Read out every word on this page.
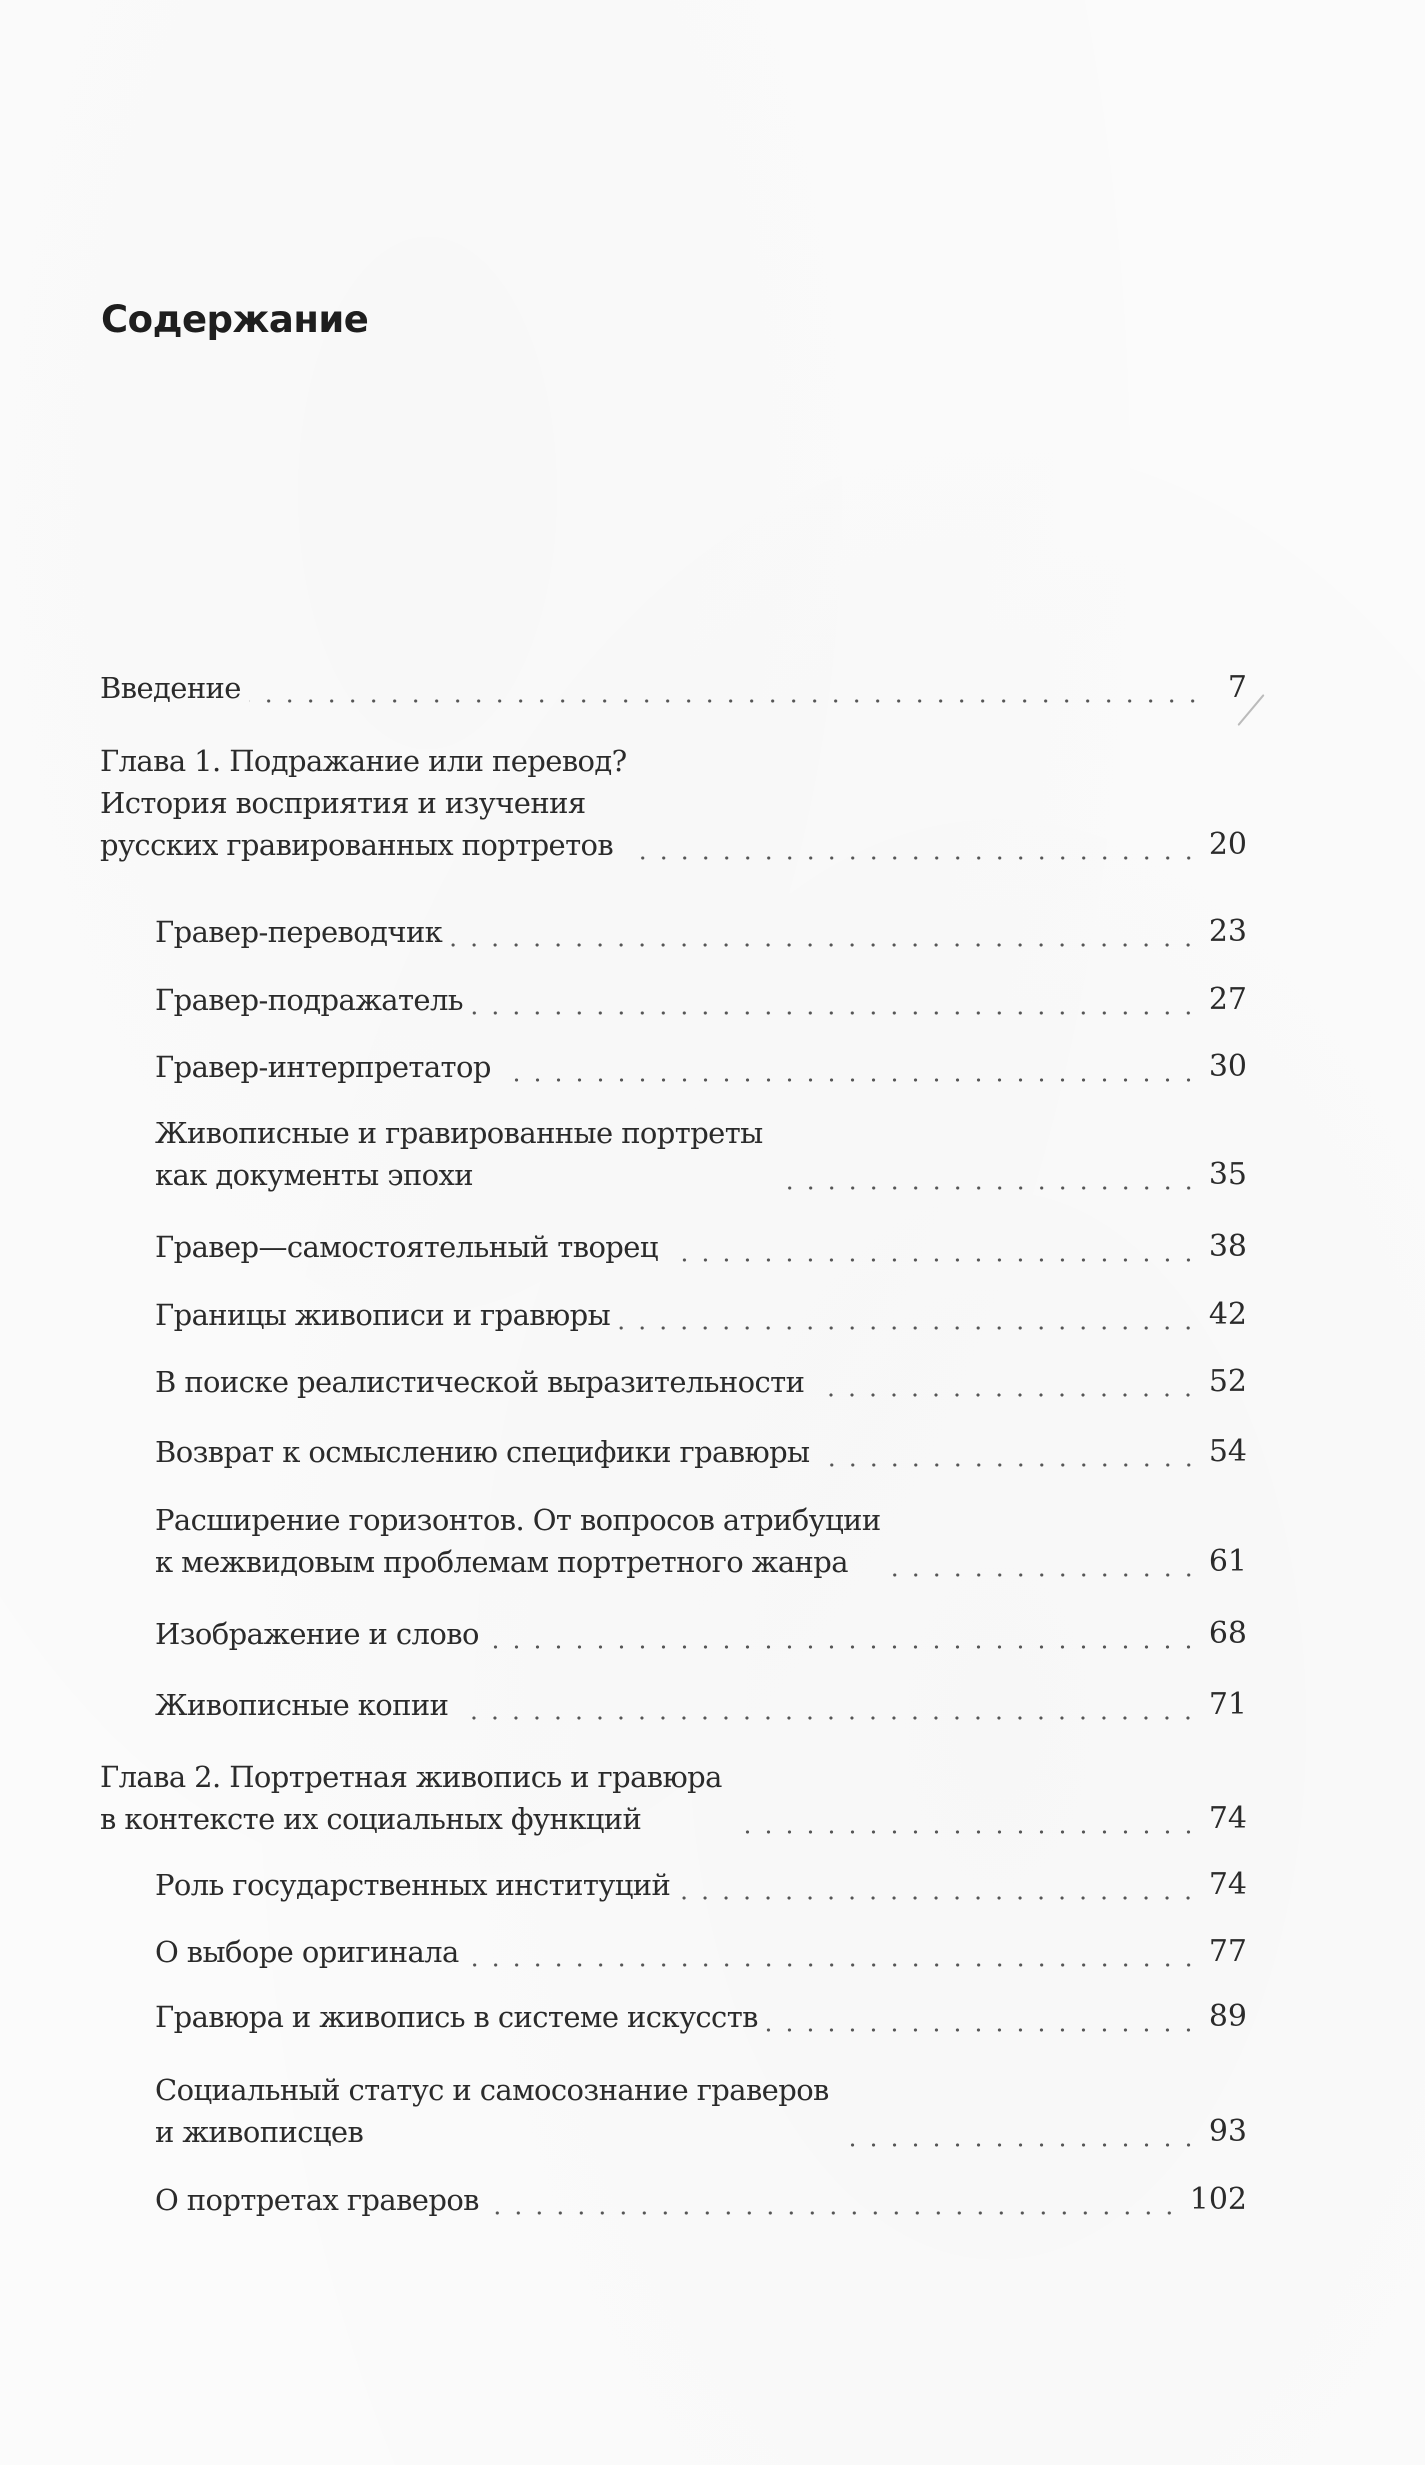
Содержание
Введение	7
Глава 1. Подражание или перевод?
История восприятия и изучения
русских гравированных портретов	20
Гравер-переводчик	23
Гравер-подражатель	27
Гравер-интерпретатор	30
Живописные и гравированные портреты
как документы эпохи	35
Гравер—самостоятельный творец	38
Границы живописи и гравюры	42
В поиске реалистической выразительности	52
Возврат к осмыслению специфики гравюры	54
Расширение горизонтов. От вопросов атрибуции
к межвидовым проблемам портретного жанра	61
Изображение и слово	68
Живописные копии	71
Глава 2. Портретная живопись и гравюра
в контексте их социальных функций	74
Роль государственных институций	74
О выборе оригинала	77
Гравюра и живопись в системе искусств	89
Социальный статус и самосознание граверов
и живописцев	93
О портретах граверов	102
